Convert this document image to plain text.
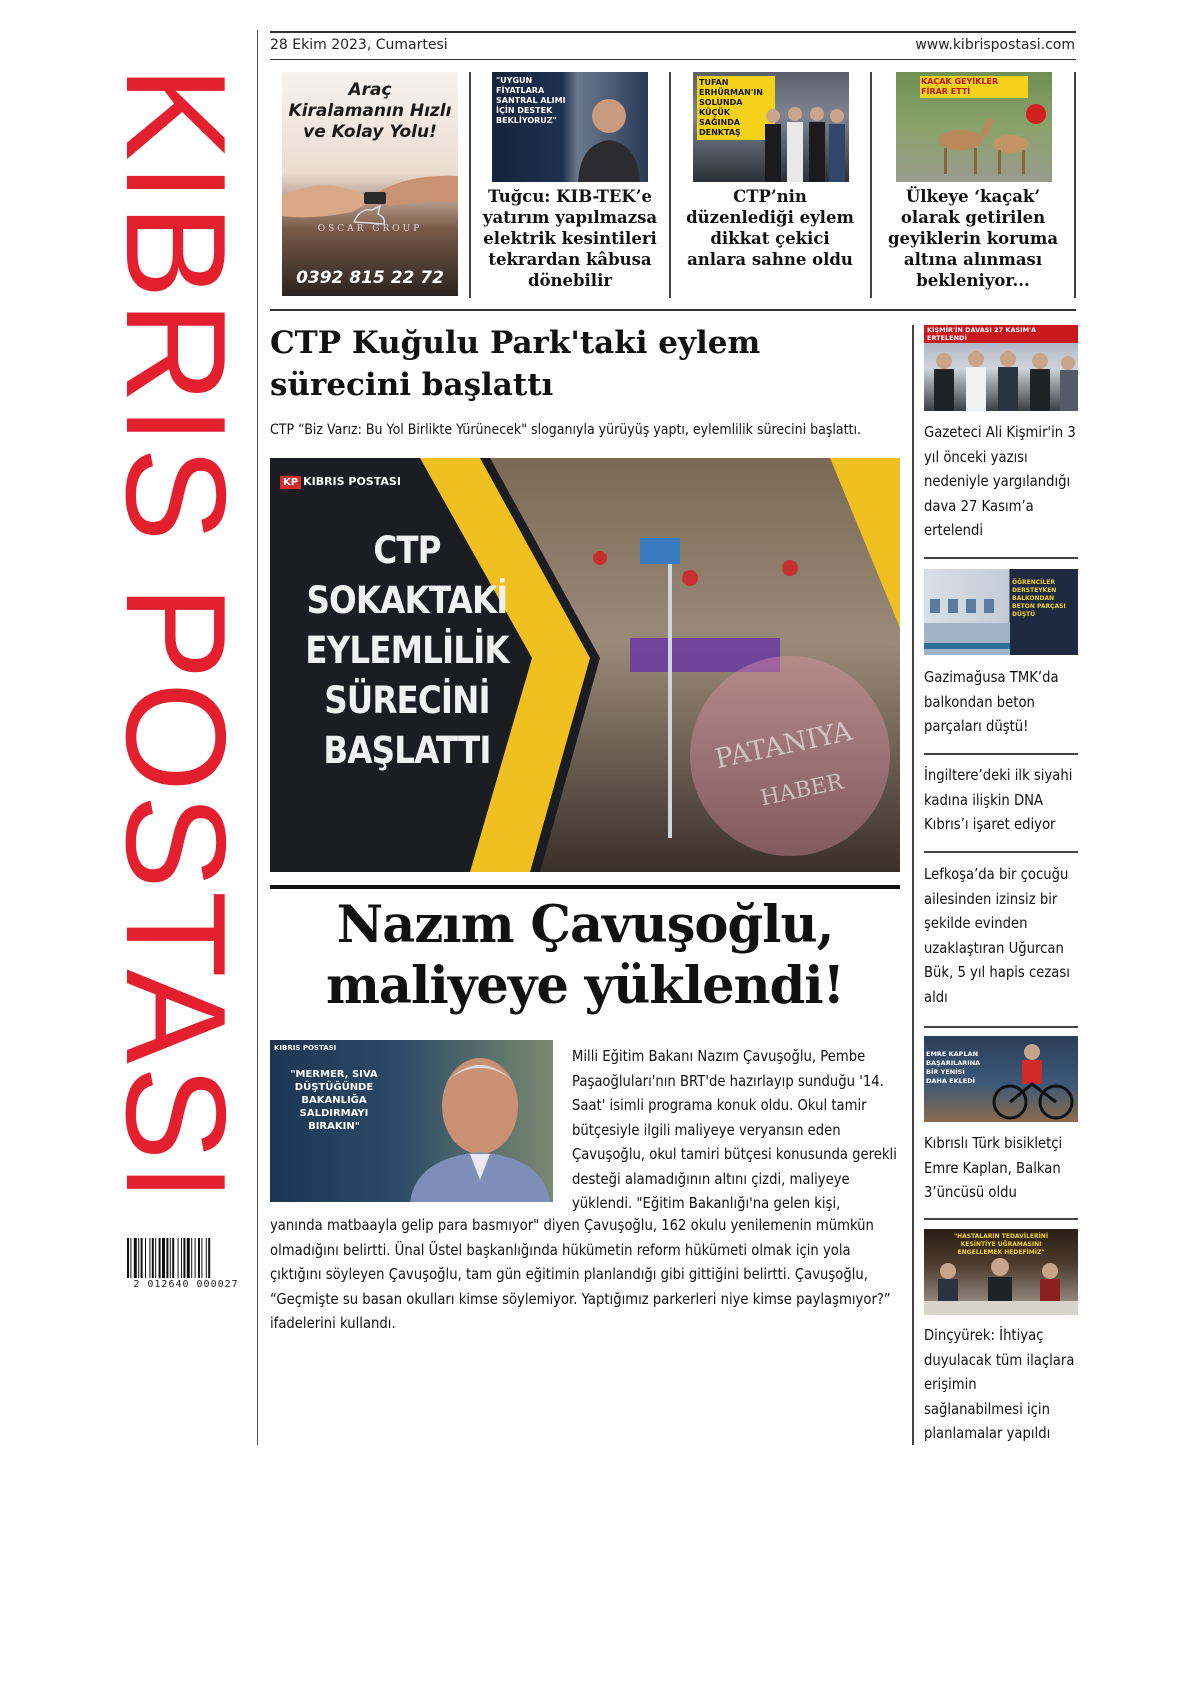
KIBRIS POSTASI
2 012640 000027
28 Ekim 2023, Cumartesi	www.kibrispostasi.com
Araç Kiralamanın Hızlı ve Kolay Yolu!
OSCAR GROUP
0392 815 22 72
"UYGUN FİYATLARA SANTRAL ALIMI İÇİN DESTEK BEKLİYORUZ"
Tuğcu: KIB-TEK’e yatırım yapılmazsa elektrik kesintileri tekrardan kâbusa dönebilir
TUFAN ERHÜRMAN'IN SOLUNDA KÜÇÜK SAĞINDA DENKTAŞ
CTP’nin düzenlediği eylem dikkat çekici anlara sahne oldu
KAÇAK GEYİKLER FİRAR ETTİ
Ülkeye ‘kaçak’ olarak getirilen geyiklerin koruma altına alınması bekleniyor...
CTP Kuğulu Park'taki eylem sürecini başlattı
CTP “Biz Varız: Bu Yol Birlikte Yürünecek" sloganıyla yürüyüş yaptı, eylemlilik sürecini başlattı.
KP KIBRIS POSTASI
CTP SOKAKTAKİ EYLEMLİLİK SÜRECİNİ BAŞLATTI	PATANIYA
HABER
Nazım Çavuşoğlu, maliyeye yüklendi!
KIBRIS POSTASI
"MERMER, SIVA DÜŞTÜĞÜNDE BAKANLIĞA SALDIRMAYI BIRAKIN"
Milli Eğitim Bakanı Nazım Çavuşoğlu, Pembe Paşaoğluları'nın BRT'de hazırlayıp sunduğu '14. Saat' isimli programa konuk oldu. Okul tamir bütçesiyle ilgili maliyeye veryansın eden Çavuşoğlu, okul tamiri bütçesi konusunda gerekli desteği alamadığının altını çizdi, maliyeye yüklendi. "Eğitim Bakanlığı'na gelen kişi,
yanında matbaayla gelip para basmıyor" diyen Çavuşoğlu, 162 okulu yenilemenin mümkün olmadığını belirtti. Ünal Üstel başkanlığında hükümetin reform hükümeti olmak için yola çıktığını söyleyen Çavuşoğlu, tam gün eğitimin planlandığı gibi gittiğini belirtti. Çavuşoğlu, “Geçmişte su basan okulları kimse söylemiyor. Yaptığımız parkerleri niye kimse paylaşmıyor?” ifadelerini kullandı.
KİŞMİR'İN DAVASI 27 KASIM'A ERTELENDİ
Gazeteci Ali Kişmir'in 3 yıl önceki yazısı nedeniyle yargılandığı dava 27 Kasım’a ertelendi
ÖĞRENCİLER DERSTEYKEN BALKONDAN BETON PARÇASI DÜŞTÜ
Gazimağusa TMK’da balkondan beton parçaları düştü!
İngiltere’deki ilk siyahi kadına ilişkin DNA Kıbrıs’ı işaret ediyor
Lefkoşa’da bir çocuğu ailesinden izinsiz bir şekilde evinden uzaklaştıran Uğurcan Bük, 5 yıl hapis cezası aldı
EMRE KAPLAN BAŞARILARINA BİR YENİSİ DAHA EKLEDİ
Kıbrıslı Türk bisikletçi Emre Kaplan, Balkan 3’üncüsü oldu
"HASTALARIN TEDAVİLERİNİ KESİNTİYE UĞRAMASINI ENGELLEMEK HEDEFİMİZ"
Dinçyürek: İhtiyaç duyulacak tüm ilaçlara erişimin sağlanabilmesi için planlamalar yapıldı
